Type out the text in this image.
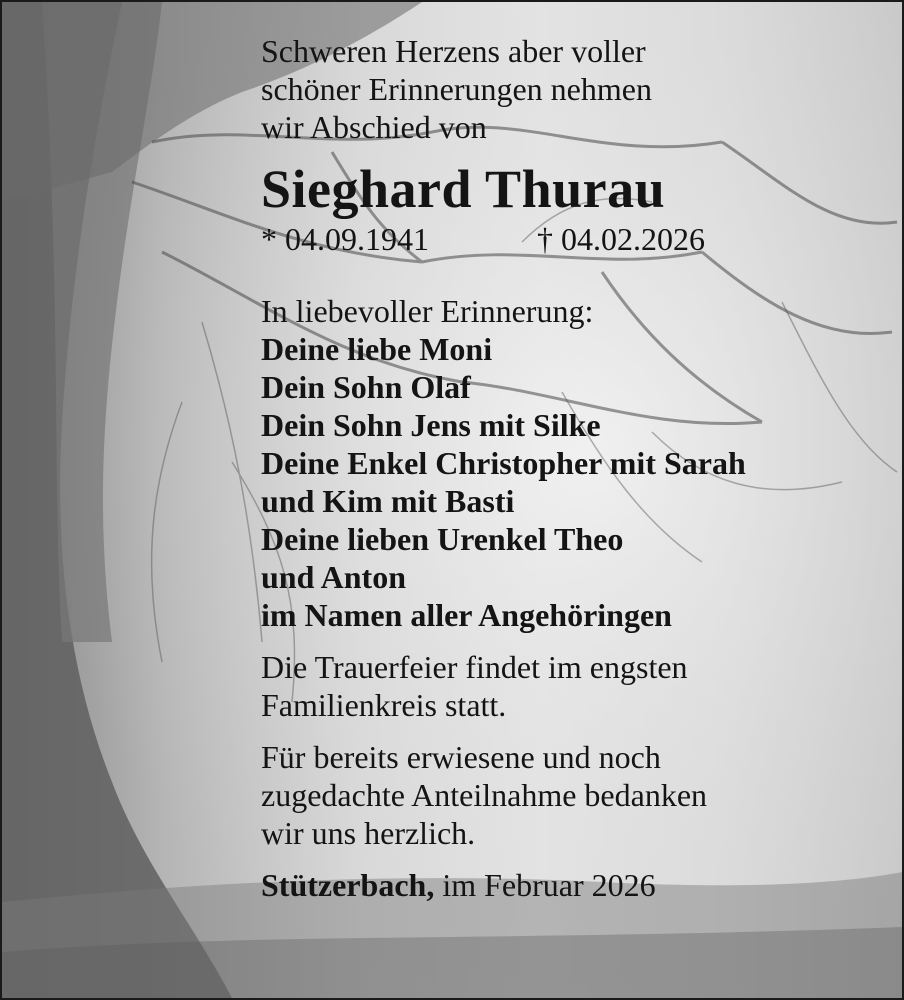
Schweren Herzens aber voller
schöner Erinnerungen nehmen
wir Abschied von
Sieghard Thurau
* 04.09.1941	† 04.02.2026
In liebevoller Erinnerung:
Deine liebe Moni
Dein Sohn Olaf
Dein Sohn Jens mit Silke
Deine Enkel Christopher mit Sarah
und Kim mit Basti
Deine lieben Urenkel Theo
und Anton
im Namen aller Angehöringen
Die Trauerfeier findet im engsten
Familienkreis statt.
Für bereits erwiesene und noch
zugedachte Anteilnahme bedanken
wir uns herzlich.
Stützerbach, im Februar 2026
